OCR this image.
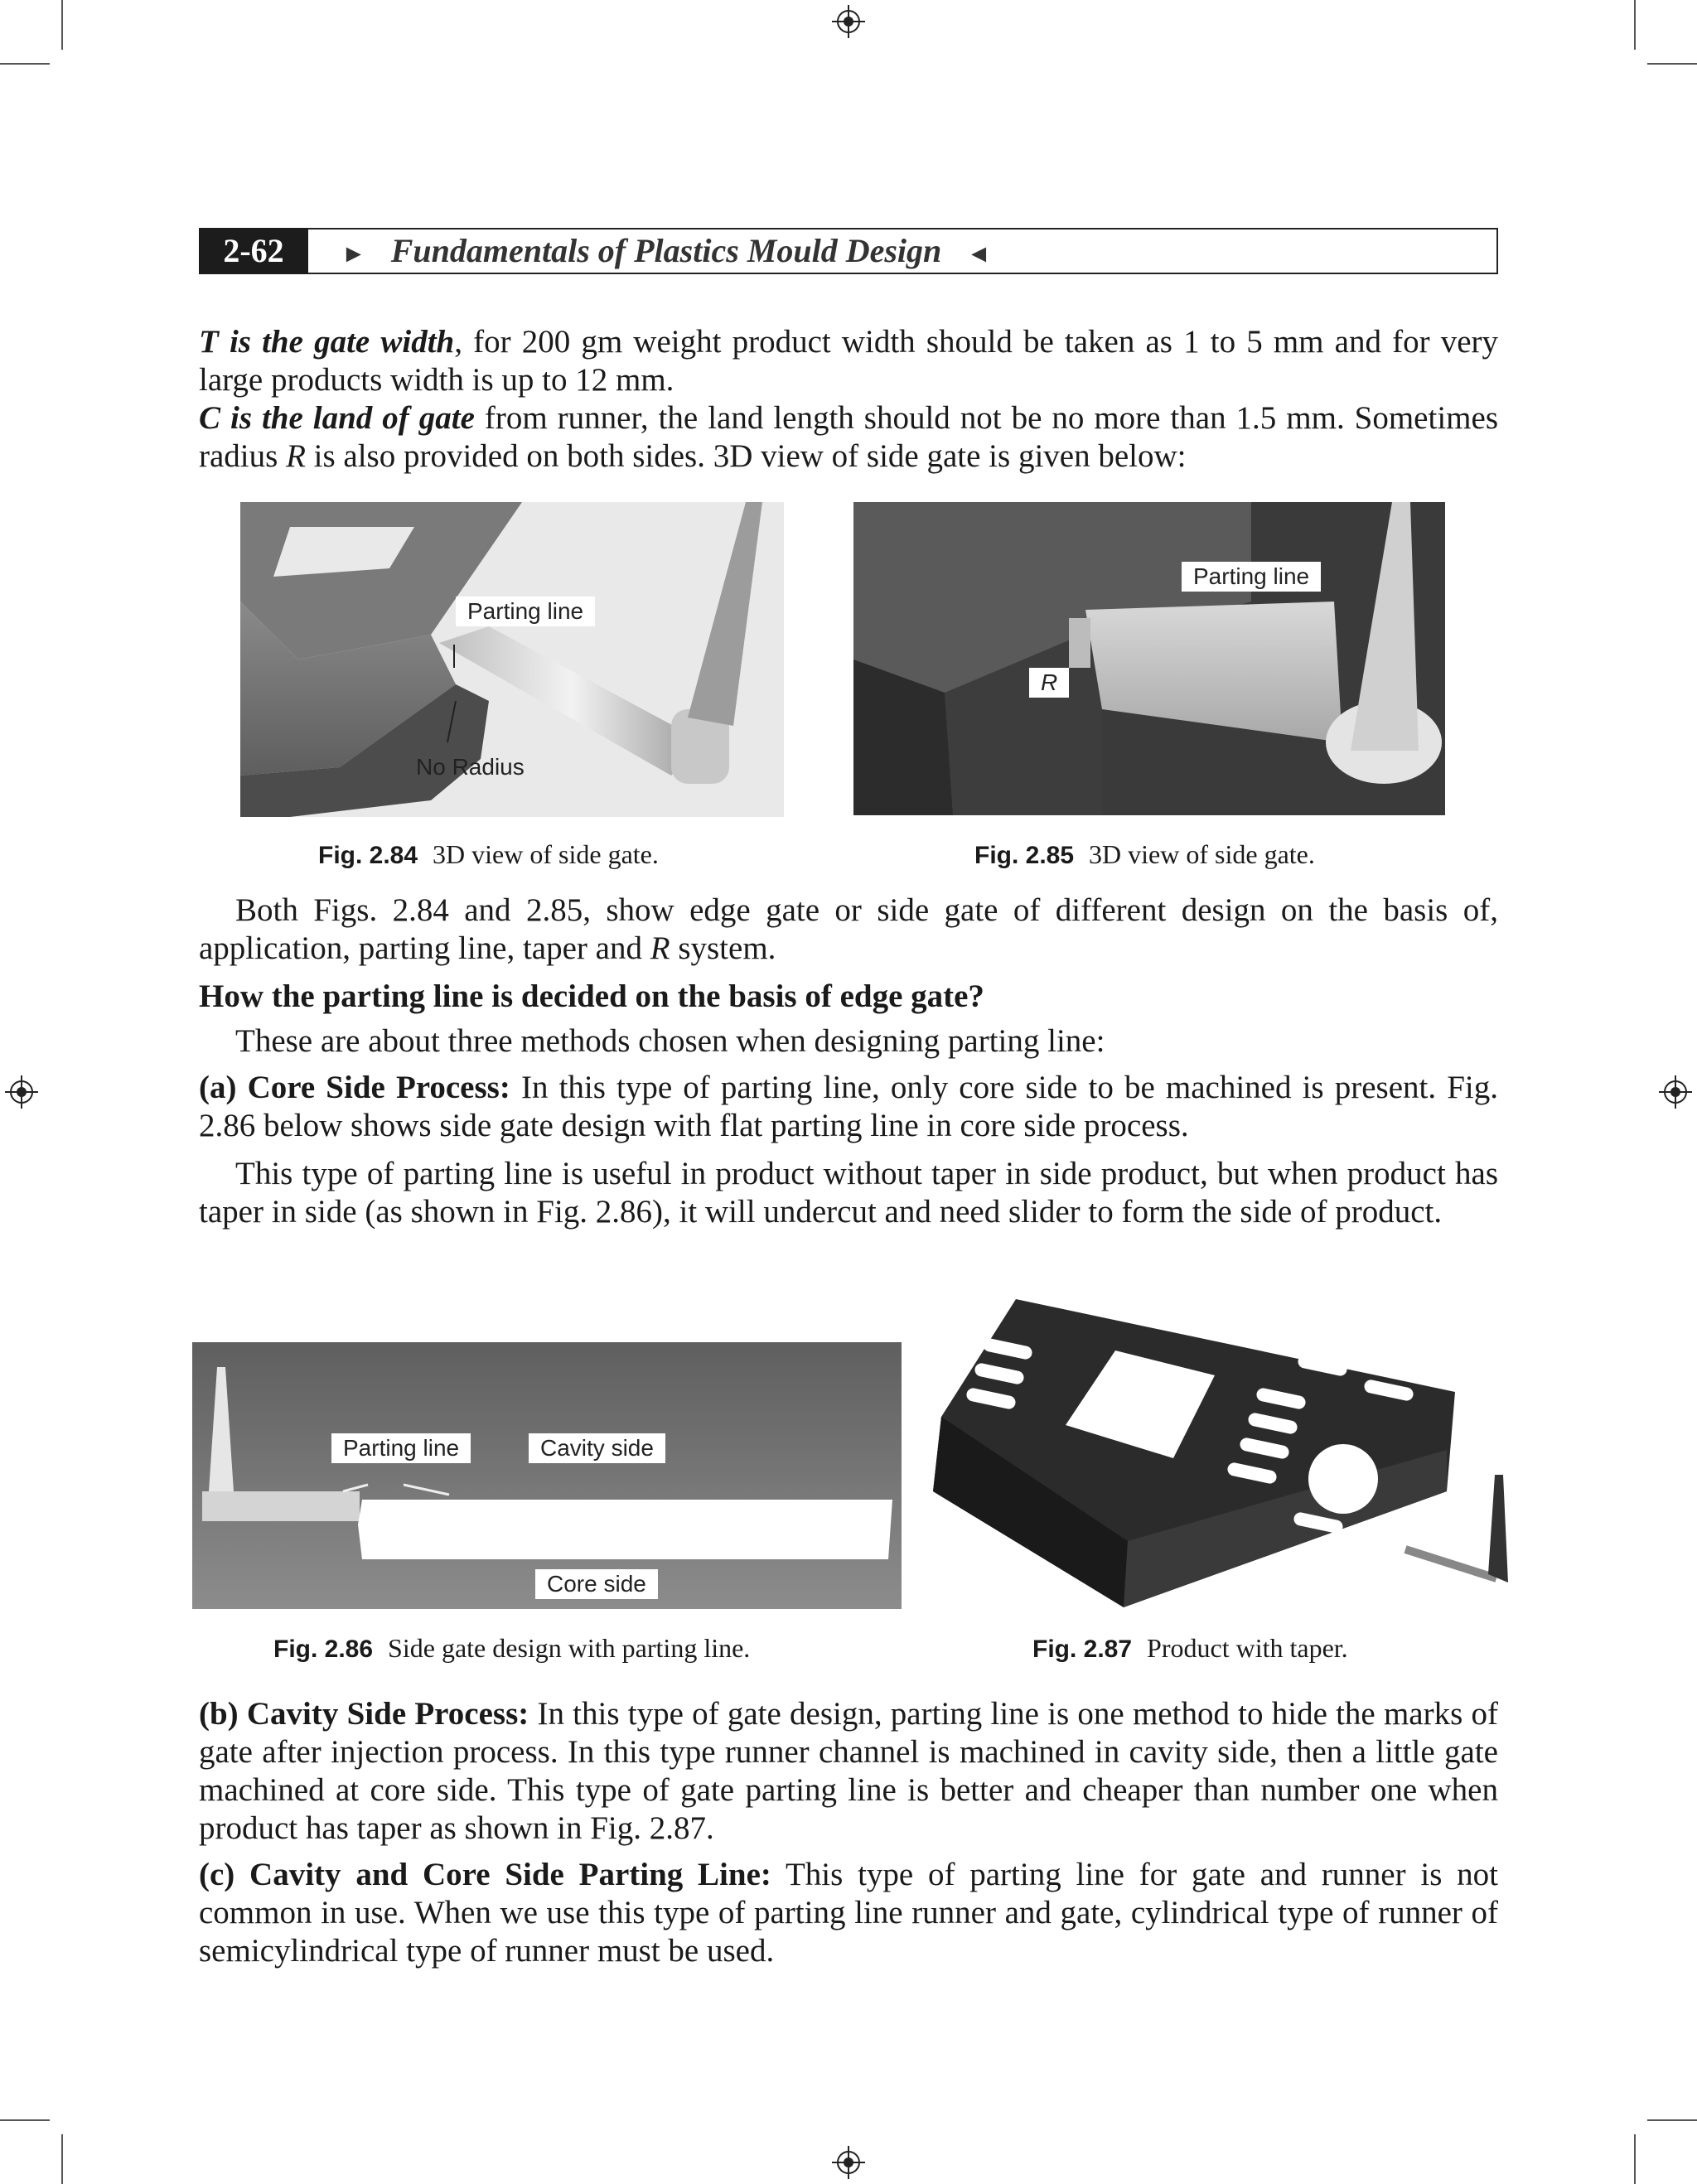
2-62	► Fundamentals of Plastics Mould Design ◄
T is the gate width, for 200 gm weight product width should be taken as 1 to 5 mm and for very large products width is up to 12 mm.
C is the land of gate from runner, the land length should not be no more than 1.5 mm. Sometimes radius R is also provided on both sides. 3D view of side gate is given below:
Parting line
No Radius
Fig. 2.84 3D view of side gate.
Parting line
R
Fig. 2.85 3D view of side gate.
Both Figs. 2.84 and 2.85, show edge gate or side gate of different design on the basis of, application, parting line, taper and R system.
How the parting line is decided on the basis of edge gate?
These are about three methods chosen when designing parting line:
(a) Core Side Process: In this type of parting line, only core side to be machined is present. Fig. 2.86 below shows side gate design with flat parting line in core side process.
This type of parting line is useful in product without taper in side product, but when product has taper in side (as shown in Fig. 2.86), it will undercut and need slider to form the side of product.
Parting line	Cavity side
Core side
Fig. 2.86 Side gate design with parting line.	Fig. 2.87 Product with taper.
(b) Cavity Side Process: In this type of gate design, parting line is one method to hide the marks of gate after injection process. In this type runner channel is machined in cavity side, then a little gate machined at core side. This type of gate parting line is better and cheaper than number one when product has taper as shown in Fig. 2.87.
(c) Cavity and Core Side Parting Line: This type of parting line for gate and runner is not common in use. When we use this type of parting line runner and gate, cylindrical type of runner of semicylindrical type of runner must be used.
